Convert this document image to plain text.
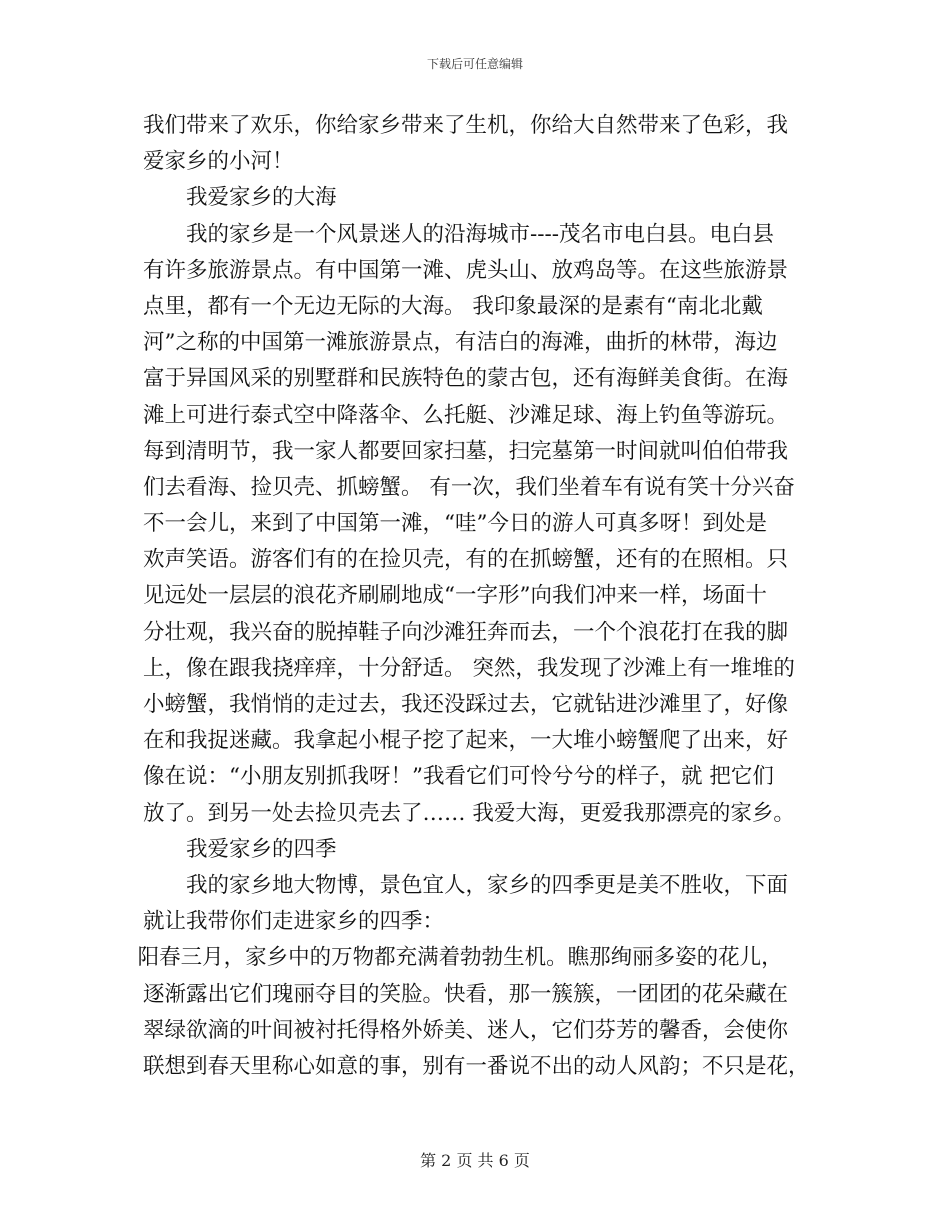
下载后可任意编辑
我们带来了欢乐，你给家乡带来了生机，你给大自然带来了色彩，我
爱家乡的小河！
我爱家乡的大海
我的家乡是一个风景迷人的沿海城市----茂名市电白县。电白县
有许多旅游景点。有中国第一滩、虎头山、放鸡岛等。在这些旅游景
点里，都有一个无边无际的大海。 我印象最深的是素有“南北北戴
河”之称的中国第一滩旅游景点，有洁白的海滩，曲折的林带，海边
富于异国风采的别墅群和民族特色的蒙古包，还有海鲜美食街。在海
滩上可进行泰式空中降落伞、么托艇、沙滩足球、海上钓鱼等游玩。
每到清明节，我一家人都要回家扫墓，扫完墓第一时间就叫伯伯带我
们去看海、捡贝壳、抓螃蟹。 有一次，我们坐着车有说有笑十分兴奋
不一会儿，来到了中国第一滩，“哇”今日的游人可真多呀！到处是
欢声笑语。游客们有的在捡贝壳，有的在抓螃蟹，还有的在照相。只
见远处一层层的浪花齐刷刷地成“一字形”向我们冲来一样，场面十
分壮观，我兴奋的脱掉鞋子向沙滩狂奔而去，一个个浪花打在我的脚
上，像在跟我挠痒痒，十分舒适。 突然，我发现了沙滩上有一堆堆的
小螃蟹，我悄悄的走过去，我还没踩过去，它就钻进沙滩里了，好像
在和我捉迷藏。我拿起小棍子挖了起来，一大堆小螃蟹爬了出来，好
像在说：“小朋友别抓我呀！”我看它们可怜兮兮的样子，就 把它们
放了。到另一处去捡贝壳去了…… 我爱大海，更爱我那漂亮的家乡。
我爱家乡的四季
我的家乡地大物博，景色宜人，家乡的四季更是美不胜收，下面
就让我带你们走进家乡的四季：
阳春三月，家乡中的万物都充满着勃勃生机。瞧那绚丽多姿的花儿，
逐渐露出它们瑰丽夺目的笑脸。快看，那一簇簇，一团团的花朵藏在
翠绿欲滴的叶间被衬托得格外娇美、迷人，它们芬芳的馨香，会使你
联想到春天里称心如意的事，别有一番说不出的动人风韵；不只是花，
第 2 页 共 6 页
